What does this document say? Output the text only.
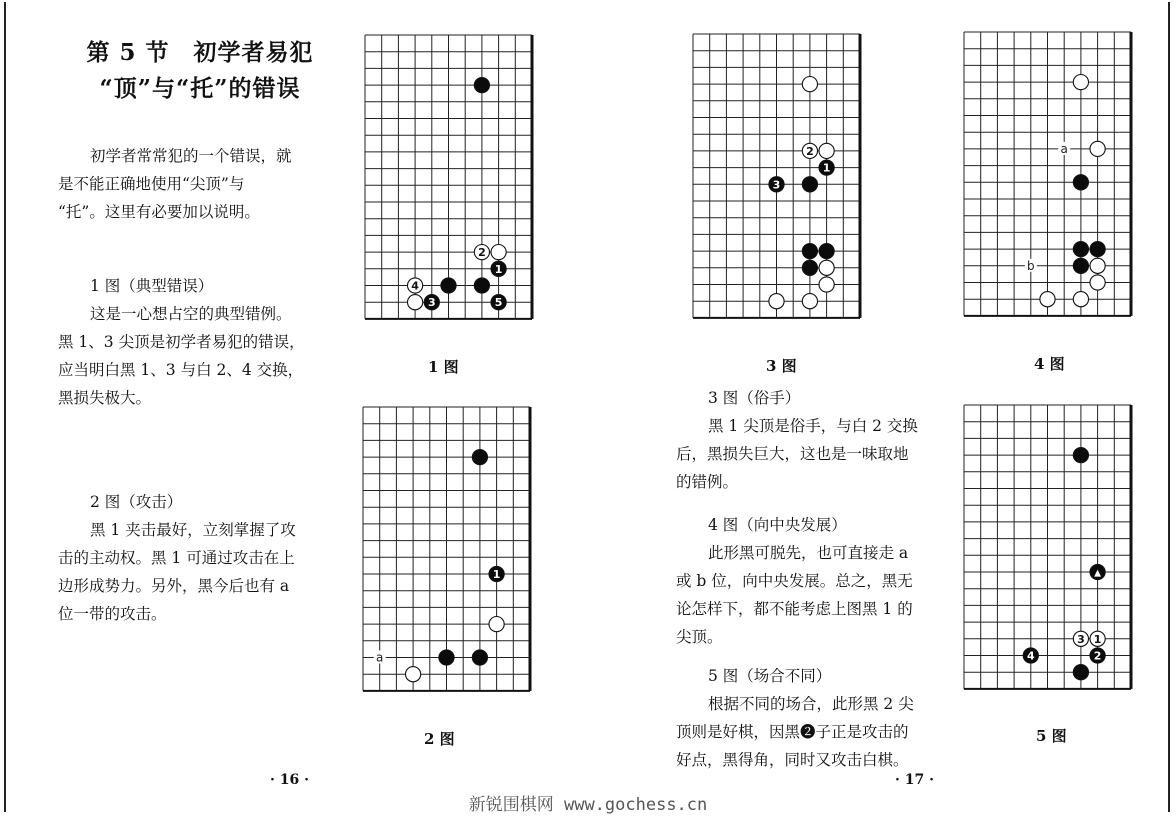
第 5 节　初学者易犯
“顶”与“托”的错误

初学者常常犯的一个错误，就

是不能正确地使用“尖顶”与

“托”。这里有必要加以说明。

1 图（典型错误）

这是一心想占空的典型错例。

黑 1、3 尖顶是初学者易犯的错误，

应当明白黑 1、3 与白 2、4 交换，

黑损失极大。

2 图（攻击）

黑 1 夹击最好，立刻掌握了攻

击的主动权。黑 1 可通过攻击在上

边形成势力。另外，黑今后也有 a

位一带的攻击。

· 16 ·

3 图（俗手）

黑 1 尖顶是俗手，与白 2 交换

后，黑损失巨大，这也是一味取地

的错例。

4 图（向中央发展）

此形黑可脱先，也可直接走 a

或 b 位，向中央发展。总之，黑无

论怎样下，都不能考虑上图黑 1 的

尖顶。

5 图（场合不同）

根据不同的场合，此形黑 2 尖

顶则是好棋，因黑❷子正是攻击的

好点，黑得角，同时又攻击白棋。

· 17 ·
2
1
4
3	5
a
1
2
1
3
a
b
▲
3 1
4	2
1 图
2 图
3 图	4 图
5 图
新锐围棋网 www.gochess.cn
